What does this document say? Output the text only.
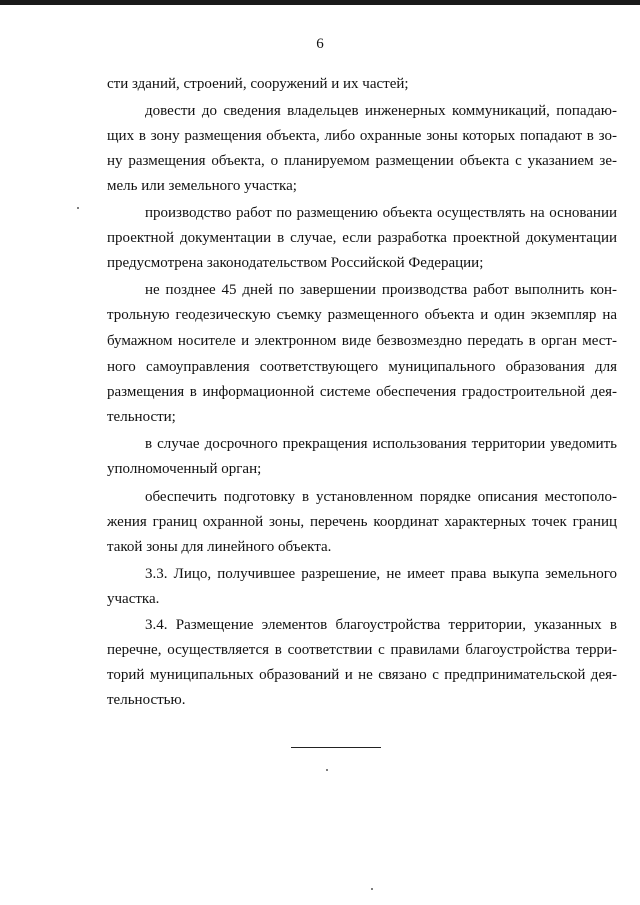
6
сти зданий, строений, сооружений и их частей;
довести до сведения владельцев инженерных коммуникаций, попадаю-
щих в зону размещения объекта, либо охранные зоны которых попадают в зо-
ну размещения объекта, о планируемом размещении объекта с указанием зе-
мель или земельного участка;
производство работ по размещению объекта осуществлять на основании
проектной документации в случае, если разработка проектной документации
предусмотрена законодательством Российской Федерации;
не позднее 45 дней по завершении производства работ выполнить кон-
трольную геодезическую съемку размещенного объекта и один экземпляр на
бумажном носителе и электронном виде безвозмездно передать в орган мест-
ного самоуправления соответствующего муниципального образования для
размещения в информационной системе обеспечения градостроительной дея-
тельности;
в случае досрочного прекращения использования территории уведомить
уполномоченный орган;
обеспечить подготовку в установленном порядке описания местополо-
жения границ охранной зоны, перечень координат характерных точек границ
такой зоны для линейного объекта.
3.3. Лицо, получившее разрешение, не имеет права выкупа земельного
участка.
3.4. Размещение элементов благоустройства территории, указанных в
перечне, осуществляется в соответствии с правилами благоустройства терри-
торий муниципальных образований и не связано с предпринимательской дея-
тельностью.
